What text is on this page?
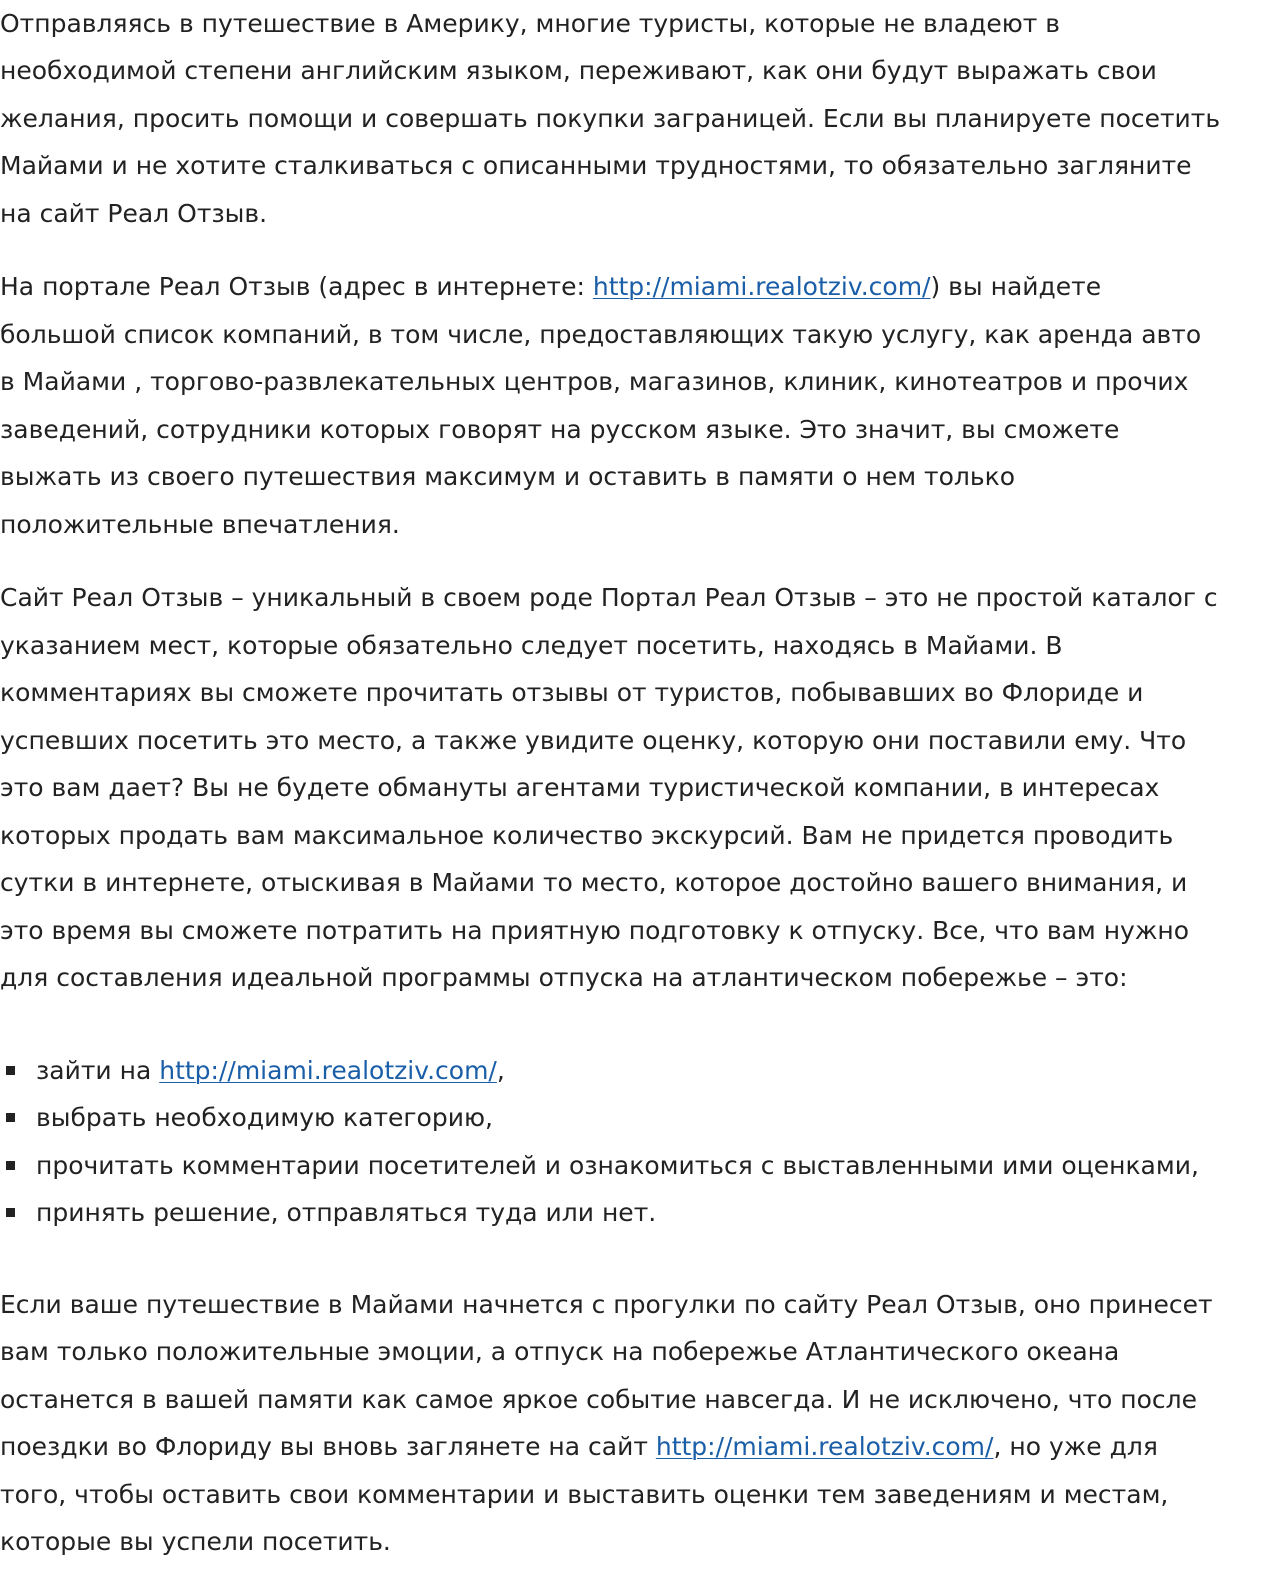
Отправляясь в путешествие в Америку, многие туристы, которые не владеют в
необходимой степени английским языком, переживают, как они будут выражать свои
желания, просить помощи и совершать покупки заграницей. Если вы планируете посетить
Майами и не хотите сталкиваться с описанными трудностями, то обязательно загляните
на сайт Реал Отзыв.
На портале Реал Отзыв (адрес в интернете: http://miami.realotziv.com/) вы найдете
большой список компаний, в том числе, предоставляющих такую услугу, как аренда авто
в Майами , торгово-развлекательных центров, магазинов, клиник, кинотеатров и прочих
заведений, сотрудники которых говорят на русском языке. Это значит, вы сможете
выжать из своего путешествия максимум и оставить в памяти о нем только
положительные впечатления.
Сайт Реал Отзыв – уникальный в своем роде Портал Реал Отзыв – это не простой каталог с
указанием мест, которые обязательно следует посетить, находясь в Майами. В
комментариях вы сможете прочитать отзывы от туристов, побывавших во Флориде и
успевших посетить это место, а также увидите оценку, которую они поставили ему. Что
это вам дает? Вы не будете обмануты агентами туристической компании, в интересах
которых продать вам максимальное количество экскурсий. Вам не придется проводить
сутки в интернете, отыскивая в Майами то место, которое достойно вашего внимания, и
это время вы сможете потратить на приятную подготовку к отпуску. Все, что вам нужно
для составления идеальной программы отпуска на атлантическом побережье – это:
зайти на http://miami.realotziv.com/,
выбрать необходимую категорию,
прочитать комментарии посетителей и ознакомиться с выставленными ими оценками,
принять решение, отправляться туда или нет.
Если ваше путешествие в Майами начнется с прогулки по сайту Реал Отзыв, оно принесет
вам только положительные эмоции, а отпуск на побережье Атлантического океана
останется в вашей памяти как самое яркое событие навсегда. И не исключено, что после
поездки во Флориду вы вновь заглянете на сайт http://miami.realotziv.com/, но уже для
того, чтобы оставить свои комментарии и выставить оценки тем заведениям и местам,
которые вы успели посетить.
